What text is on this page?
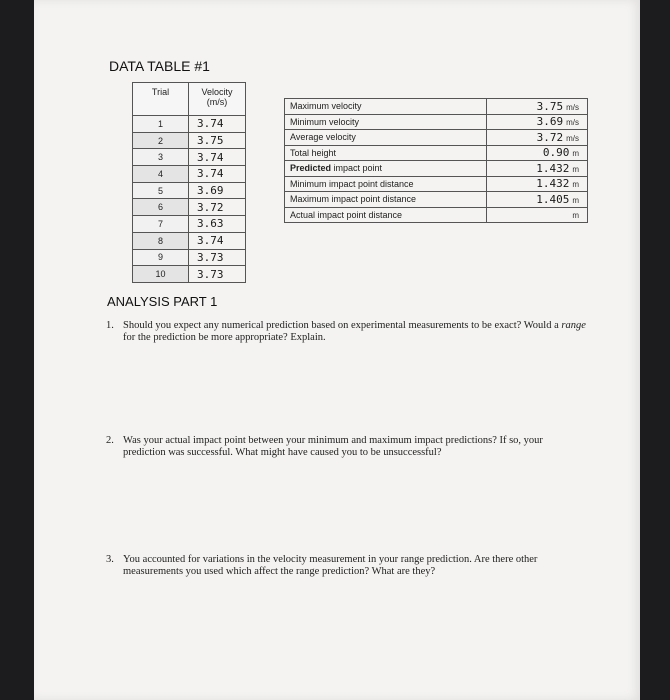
DATA TABLE #1
Trial	Velocity
(m/s)
1	3.74
2	3.75
3	3.74
4	3.74
5	3.69
6	3.72
7	3.63
8	3.74
9	3.73
10	3.73
Maximum velocity	3.75 m/s
Minimum velocity	3.69 m/s
Average velocity	3.72 m/s
Total height	0.90 m
Predicted impact point	1.432 m
Minimum impact point distance	1.432 m
Maximum impact point distance	1.405 m
Actual impact point distance	m
ANALYSIS PART 1
1. Should you expect any numerical prediction based on experimental measurements to be exact? Would a range for the prediction be more appropriate? Explain.
2. Was your actual impact point between your minimum and maximum impact predictions? If so, your prediction was successful. What might have caused you to be unsuccessful?
3. You accounted for variations in the velocity measurement in your range prediction. Are there other measurements you used which affect the range prediction? What are they?
